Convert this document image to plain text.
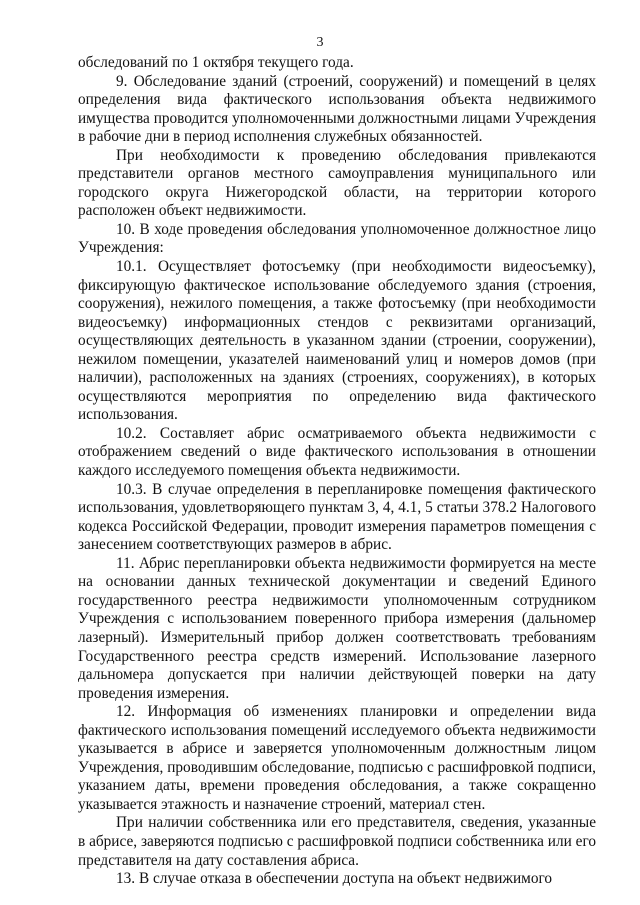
3

обследований по 1 октября текущего года.

9. Обследование зданий (строений, сооружений) и помещений в целях определения вида фактического использования объекта недвижимого имущества проводится уполномоченными должностными лицами Учреждения в рабочие дни в период исполнения служебных обязанностей.

При необходимости к проведению обследования привлекаются представители органов местного самоуправления муниципального или городского округа Нижегородской области, на территории которого расположен объект недвижимости.

10. В ходе проведения обследования уполномоченное должностное лицо Учреждения:

10.1. Осуществляет фотосъемку (при необходимости видеосъемку), фиксирующую фактическое использование обследуемого здания (строения, сооружения), нежилого помещения, а также фотосъемку (при необходимости видеосъемку) информационных стендов с реквизитами организаций, осуществляющих деятельность в указанном здании (строении, сооружении), нежилом помещении, указателей наименований улиц и номеров домов (при наличии), расположенных на зданиях (строениях, сооружениях), в которых осуществляются мероприятия по определению вида фактического использования.

10.2. Составляет абрис осматриваемого объекта недвижимости с отображением сведений о виде фактического использования в отношении каждого исследуемого помещения объекта недвижимости.

10.3. В случае определения в перепланировке помещения фактического использования, удовлетворяющего пунктам 3, 4, 4.1, 5 статьи 378.2 Налогового кодекса Российской Федерации, проводит измерения параметров помещения с занесением соответствующих размеров в абрис.

11. Абрис перепланировки объекта недвижимости формируется на месте на основании данных технической документации и сведений Единого государственного реестра недвижимости уполномоченным сотрудником Учреждения с использованием поверенного прибора измерения (дальномер лазерный). Измерительный прибор должен соответствовать требованиям Государственного реестра средств измерений. Использование лазерного дальномера допускается при наличии действующей поверки на дату проведения измерения.

12. Информация об изменениях планировки и определении вида фактического использования помещений исследуемого объекта недвижимости указывается в абрисе и заверяется уполномоченным должностным лицом Учреждения, проводившим обследование, подписью с расшифровкой подписи, указанием даты, времени проведения обследования, а также сокращенно указывается этажность и назначение строений, материал стен.

При наличии собственника или его представителя, сведения, указанные в абрисе, заверяются подписью с расшифровкой подписи собственника или его представителя на дату составления абриса.

13. В случае отказа в обеспечении доступа на объект недвижимого
